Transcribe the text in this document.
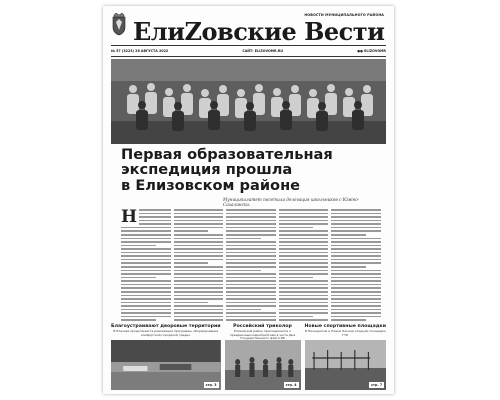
НОВОСТИ МУНИЦИПАЛЬНОГО РАЙОНА
ЕлиZовские Вести
№ 57 (3223) 26 АВГУСТА 2022	САЙТ: ELIZOVOMR.RU	●● ELIZOVOMR
Первая образовательная
экспедиция прошла
в Елизовском районе
Муниципалитет посетила делегация школьников с Южно-Сахалинска.
Н
Благоустраивают дворовые территории
В Елизове продолжается реализация программы «Формирование комфортной городской среды»
стр. 3
Российский триколор
Елизовский район присоединился к праздничным мероприятиям в честь Дня Государственного флага РФ
стр. 4
Новые спортивные площадки
В Пионерском и Новом Лесном открыли площадки ГТО
стр. 7
